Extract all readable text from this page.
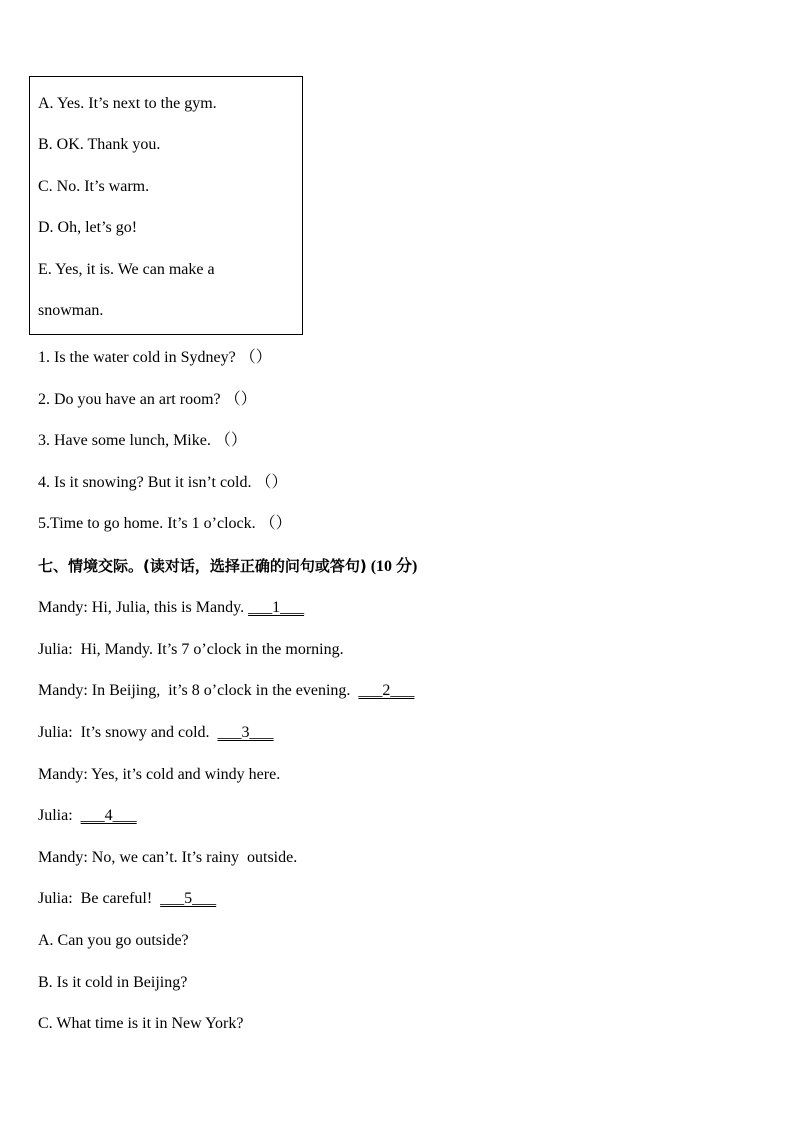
A. Yes. It’s next to the gym.
B. OK. Thank you.
C. No. It’s warm.
D. Oh, let’s go!
E. Yes, it is. We can make a
snowman.
1. Is the water cold in Sydney? （）
2. Do you have an art room? （）
3. Have some lunch, Mike. （）
4. Is it snowing? But it isn’t cold. （）
5.Time to go home. It’s 1 o’clock. （）
七、情境交际。(读对话，选择正确的问句或答句) (10 分)
Mandy: Hi, Julia, this is Mandy. ___1___
Julia:  Hi, Mandy. It’s 7 o’clock in the morning.
Mandy: In Beijing,  it’s 8 o’clock in the evening.  ___2___
Julia:  It’s snowy and cold.  ___3___
Mandy: Yes, it’s cold and windy here.
Julia:  ___4___
Mandy: No, we can’t. It’s rainy  outside.
Julia:  Be careful!  ___5___
A. Can you go outside?
B. Is it cold in Beijing?
C. What time is it in New York?
